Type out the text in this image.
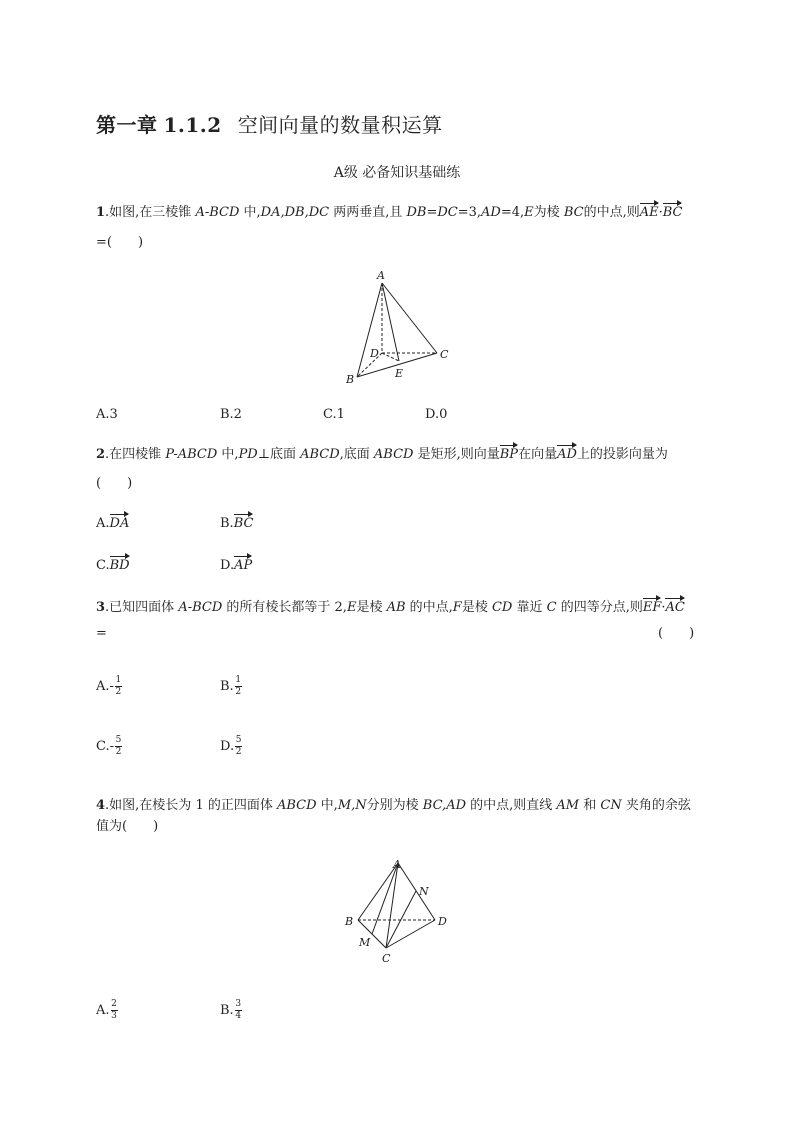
第一章 1.1.2 空间向量的数量积运算
A级 必备知识基础练
1.如图,在三棱锥 A-BCD 中,DA,DB,DC 两两垂直,且 DB=DC=3,AD=4,E为棱 BC的中点,则AE·BC
=(　　)
A
D	C
B	E
A.3	B.2	C.1	D.0
2.在四棱锥 P-ABCD 中,PD⊥底面 ABCD,底面 ABCD 是矩形,则向量BP在向量AD上的投影向量为
(　　)
A.DA	B.BC
C.BD	D.AP
3.已知四面体 A-BCD 的所有棱长都等于 2,E是棱 AB 的中点,F是棱 CD 靠近 C 的四等分点,则EF·AC
=	(　　)
$A.- \frac{1}{2}$	B. $\frac{1}{2}$
$C.- \frac{5}{2}$	D. $\frac{5}{2}$
4.如图,在棱长为 1 的正四面体 ABCD 中,M,N分别为棱 BC,AD 的中点,则直线 AM 和 CN 夹角的余弦
值为(　　)
A
N
B	D
M
C
A. $\frac{2}{3}$	B. $\frac{3}{4}$
